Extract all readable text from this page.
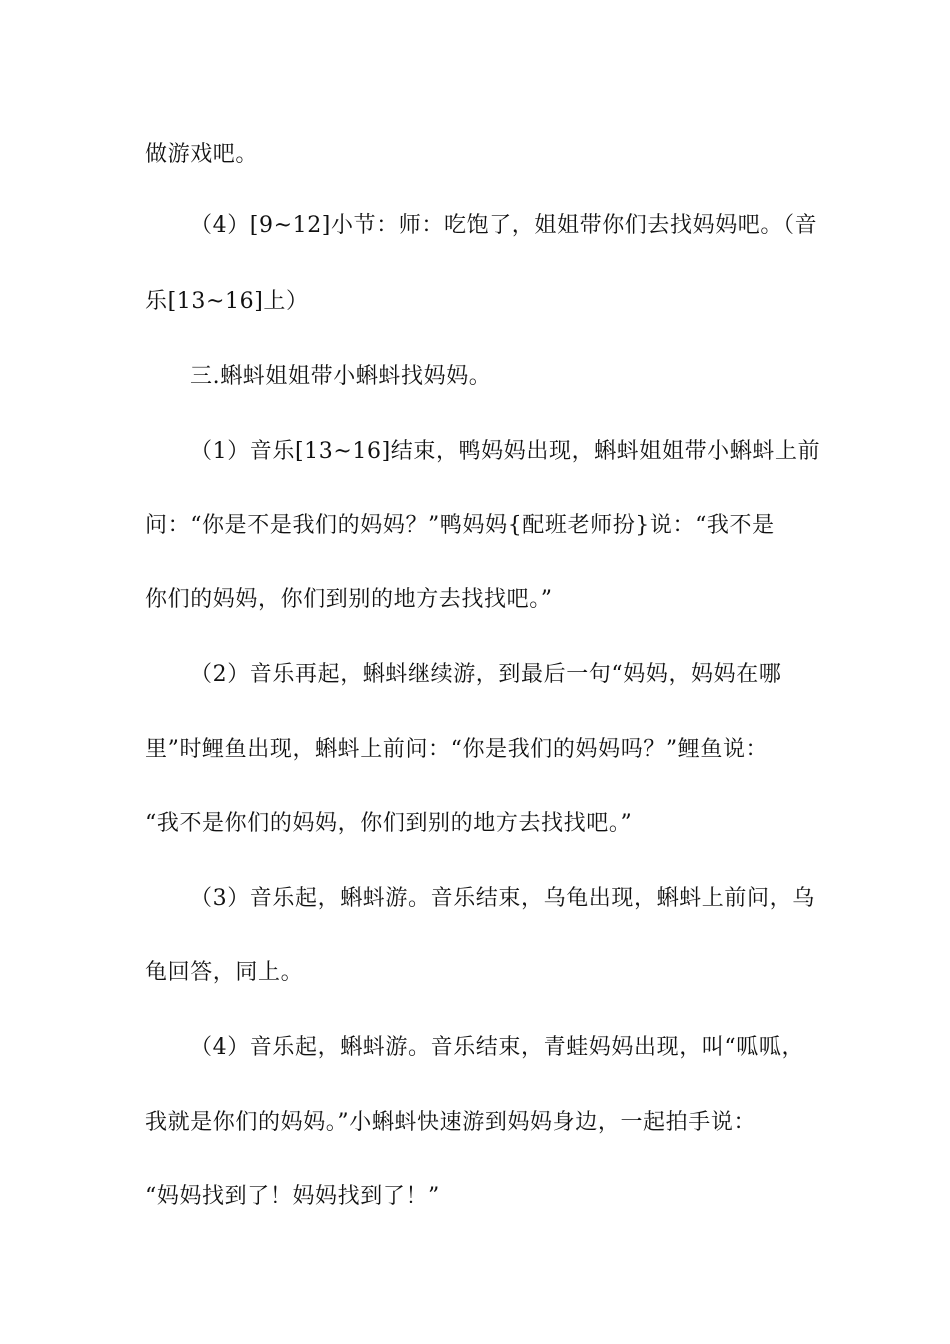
做游戏吧。
（4）[9~12]小节：师：吃饱了，姐姐带你们去找妈妈吧。（音
乐[13~16]上）
三.蝌蚪姐姐带小蝌蚪找妈妈。
（1）音乐[13~16]结束，鸭妈妈出现，蝌蚪姐姐带小蝌蚪上前
问：“你是不是我们的妈妈？”鸭妈妈{配班老师扮}说：“我不是
你们的妈妈，你们到别的地方去找找吧。”
（2）音乐再起，蝌蚪继续游，到最后一句“妈妈，妈妈在哪
里”时鲤鱼出现，蝌蚪上前问：“你是我们的妈妈吗？”鲤鱼说：
“我不是你们的妈妈，你们到别的地方去找找吧。”
（3）音乐起，蝌蚪游。音乐结束，乌龟出现，蝌蚪上前问，乌
龟回答，同上。
（4）音乐起，蝌蚪游。音乐结束，青蛙妈妈出现，叫“呱呱，
我就是你们的妈妈。”小蝌蚪快速游到妈妈身边，一起拍手说：
“妈妈找到了！妈妈找到了！”
